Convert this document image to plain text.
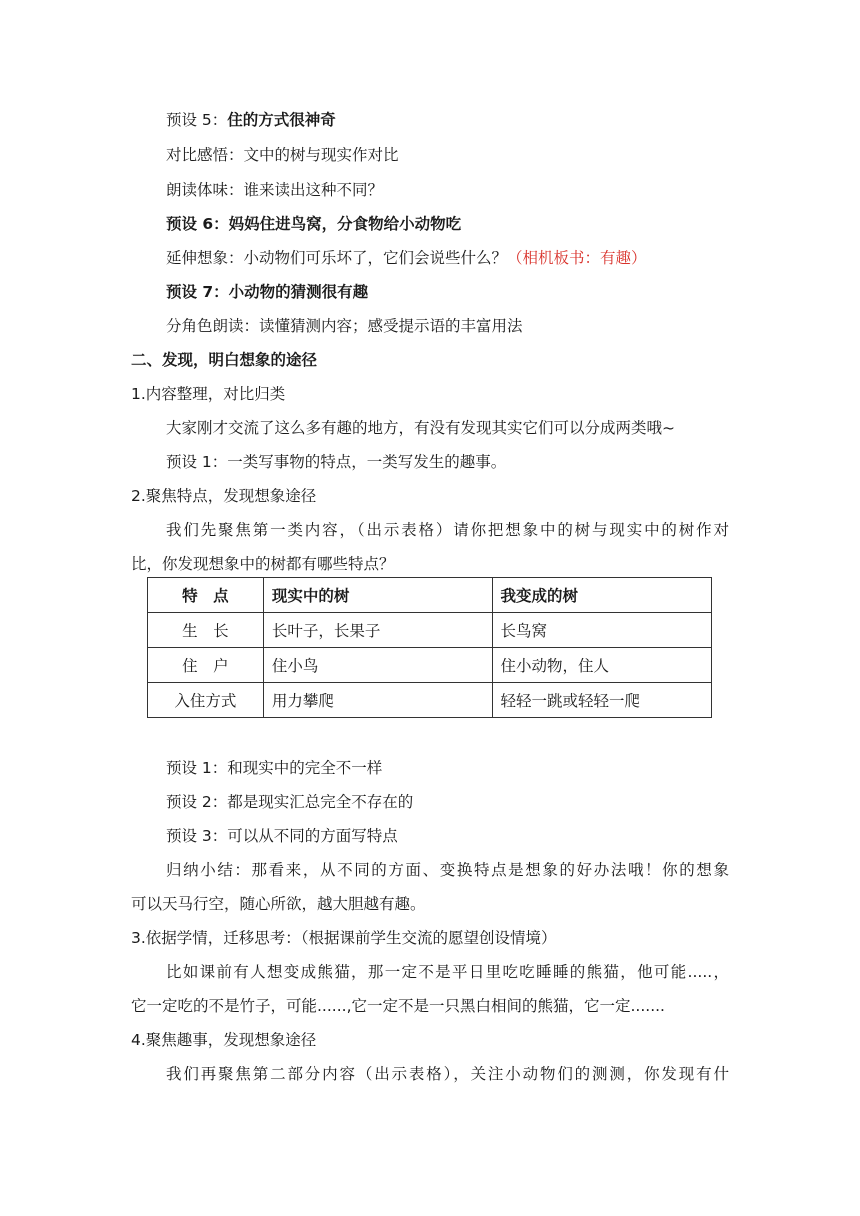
预设 5：住的方式很神奇
对比感悟：文中的树与现实作对比
朗读体味：谁来读出这种不同？
预设 6：妈妈住进鸟窝，分食物给小动物吃
延伸想象：小动物们可乐坏了，它们会说些什么？（相机板书：有趣）
预设 7：小动物的猜测很有趣
分角色朗读：读懂猜测内容；感受提示语的丰富用法
二、发现，明白想象的途径
1.内容整理，对比归类
大家刚才交流了这么多有趣的地方，有没有发现其实它们可以分成两类哦~
预设 1：一类写事物的特点，一类写发生的趣事。
2.聚焦特点，发现想象途径
我们先聚焦第一类内容，（出示表格）请你把想象中的树与现实中的树作对
比，你发现想象中的树都有哪些特点？
特　点	现实中的树	我变成的树
生　长	长叶子，长果子	长鸟窝
住　户	住小鸟	住小动物，住人
入住方式	用力攀爬	轻轻一跳或轻轻一爬
预设 1：和现实中的完全不一样
预设 2：都是现实汇总完全不存在的
预设 3：可以从不同的方面写特点
归纳小结：那看来，从不同的方面、变换特点是想象的好办法哦！你的想象
可以天马行空，随心所欲，越大胆越有趣。
3.依据学情，迁移思考：（根据课前学生交流的愿望创设情境）
比如课前有人想变成熊猫，那一定不是平日里吃吃睡睡的熊猫，他可能.....，
它一定吃的不是竹子，可能......,它一定不是一只黑白相间的熊猫，它一定.......
4.聚焦趣事，发现想象途径
我们再聚焦第二部分内容（出示表格），关注小动物们的测测，你发现有什
